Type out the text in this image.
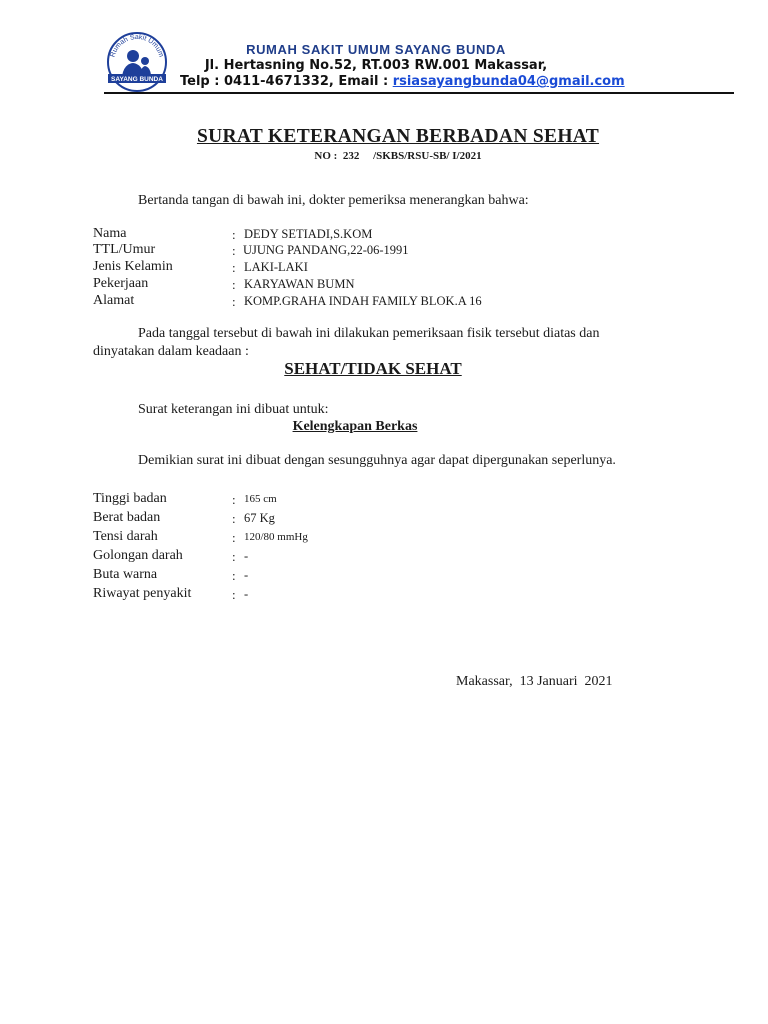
Rumah Sakit Umum
SAYANG BUNDA
RUMAH SAKIT UMUM SAYANG BUNDA
Jl. Hertasning No.52, RT.003 RW.001 Makassar,
Telp : 0411-4671332, Email : rsiasayangbunda04@gmail.com
SURAT KETERANGAN BERBADAN SEHAT
NO :  232     /SKBS/RSU-SB/ I/2021
Bertanda tangan di bawah ini, dokter pemeriksa menerangkan bahwa:
Nama	: DEDY SETIADI,S.KOM
TTL/Umur	: UJUNG PANDANG,22-06-1991
Jenis Kelamin	: LAKI-LAKI
Pekerjaan	: KARYAWAN BUMN
Alamat	: KOMP.GRAHA INDAH FAMILY BLOK.A 16
Pada tanggal tersebut di bawah ini dilakukan pemeriksaan fisik tersebut diatas dan
dinyatakan dalam keadaan :
SEHAT/TIDAK SEHAT
Surat keterangan ini dibuat untuk:
Kelengkapan Berkas
Demikian surat ini dibuat dengan sesungguhnya agar dapat dipergunakan seperlunya.
Tinggi badan	: 165 cm
Berat badan	: 67 Kg
Tensi darah	: 120/80 mmHg
Golongan darah	: -
Buta warna	: -
Riwayat penyakit	: -
Makassar,  13 Januari  2021
